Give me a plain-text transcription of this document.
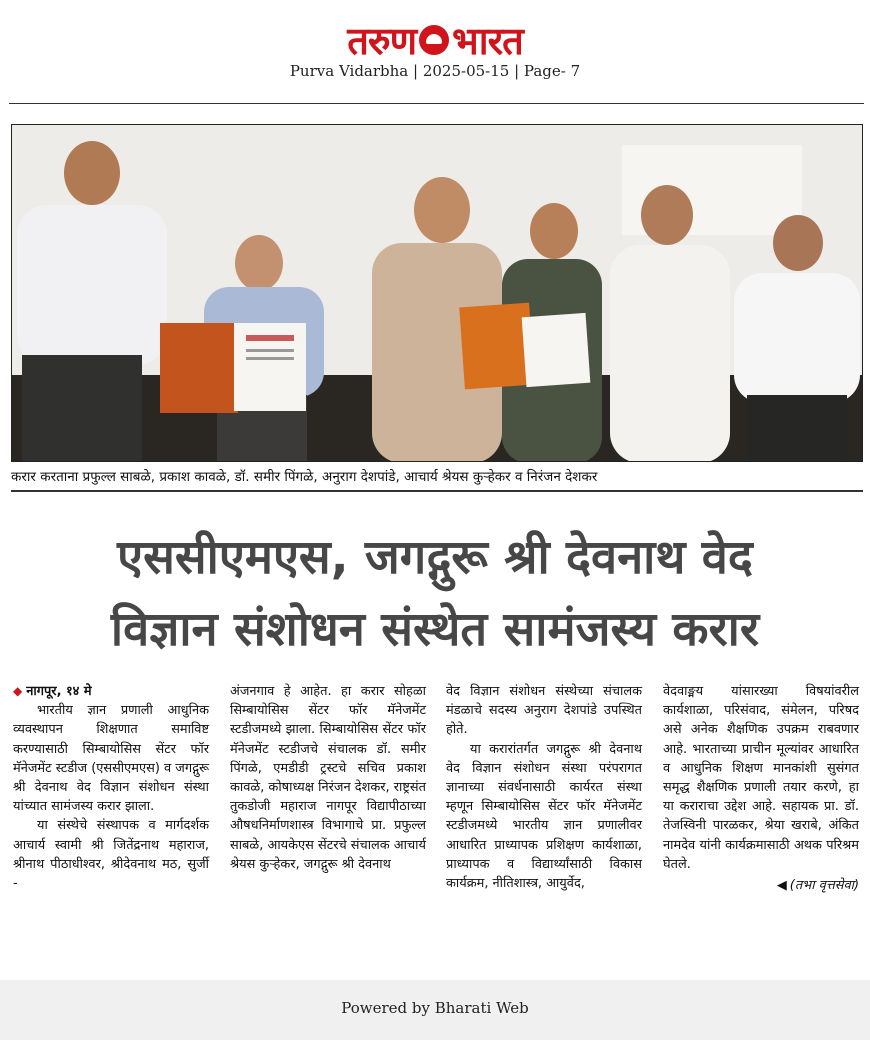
तरुण भारत
Purva Vidarbha | 2025-05-15 | Page- 7
करार करताना प्रफुल्ल साबळे, प्रकाश कावळे, डॉ. समीर पिंगळे, अनुराग देशपांडे, आचार्य श्रेयस कुऱ्हेकर व निरंजन देशकर
एससीएमएस, जगद्गुरू श्री देवनाथ वेद
विज्ञान संशोधन संस्थेत सामंजस्य करार

◆ नागपूर, १४ मे

भारतीय ज्ञान प्रणाली आधुनिक व्यवस्थापन शिक्षणात समाविष्ट करण्यासाठी सिम्बायोसिस सेंटर फॉर मॅनेजमेंट स्टडीज (एससीएमएस) व जगद्गुरू श्री देवनाथ वेद विज्ञान संशोधन संस्था यांच्यात सामंजस्य करार झाला.

या संस्थेचे संस्थापक व मार्गदर्शक आचार्य स्वामी श्री जितेंद्रनाथ महाराज, श्रीनाथ पीठाधीश्वर, श्रीदेवनाथ मठ, सुर्जी -

अंजनगाव हे आहेत. हा करार सोहळा सिम्बायोसिस सेंटर फॉर मॅनेजमेंट स्टडीजमध्ये झाला. सिम्बायोसिस सेंटर फॉर मॅनेजमेंट स्टडीजचे संचालक डॉ. समीर पिंगळे, एमडीडी ट्रस्टचे सचिव प्रकाश कावळे, कोषाध्यक्ष निरंजन देशकर, राष्ट्रसंत तुकडोजी महाराज नागपूर विद्यापीठाच्या औषधनिर्माणशास्त्र विभागाचे प्रा. प्रफुल्ल साबळे, आयकेएस सेंटरचे संचालक आचार्य श्रेयस कुऱ्हेकर, जगद्गुरू श्री देवनाथ

वेद विज्ञान संशोधन संस्थेच्या संचालक मंडळाचे सदस्य अनुराग देशपांडे उपस्थित होते.

या करारांतर्गत जगद्गुरू श्री देवनाथ वेद विज्ञान संशोधन संस्था परंपरागत ज्ञानाच्या संवर्धनासाठी कार्यरत संस्था म्हणून सिम्बायोसिस सेंटर फॉर मॅनेजमेंट स्टडीजमध्ये भारतीय ज्ञान प्रणालीवर आधारित प्राध्यापक प्रशिक्षण कार्यशाळा, प्राध्यापक व विद्यार्थ्यांसाठी विकास कार्यक्रम, नीतिशास्त्र, आयुर्वेद,

वेदवाङ्मय यांसारख्या विषयांवरील कार्यशाळा, परिसंवाद, संमेलन, परिषद असे अनेक शैक्षणिक उपक्रम राबवणार आहे. भारताच्या प्राचीन मूल्यांवर आधारित व आधुनिक शिक्षण मानकांशी सुसंगत समृद्ध शैक्षणिक प्रणाली तयार करणे, हा या कराराचा उद्देश आहे. सहायक प्रा. डॉ. तेजस्विनी पारळकर, श्रेया खराबे, अंकित नामदेव यांनी कार्यक्रमासाठी अथक परिश्रम घेतले.

◀ (तभा वृत्तसेवा)
Powered by Bharati Web
